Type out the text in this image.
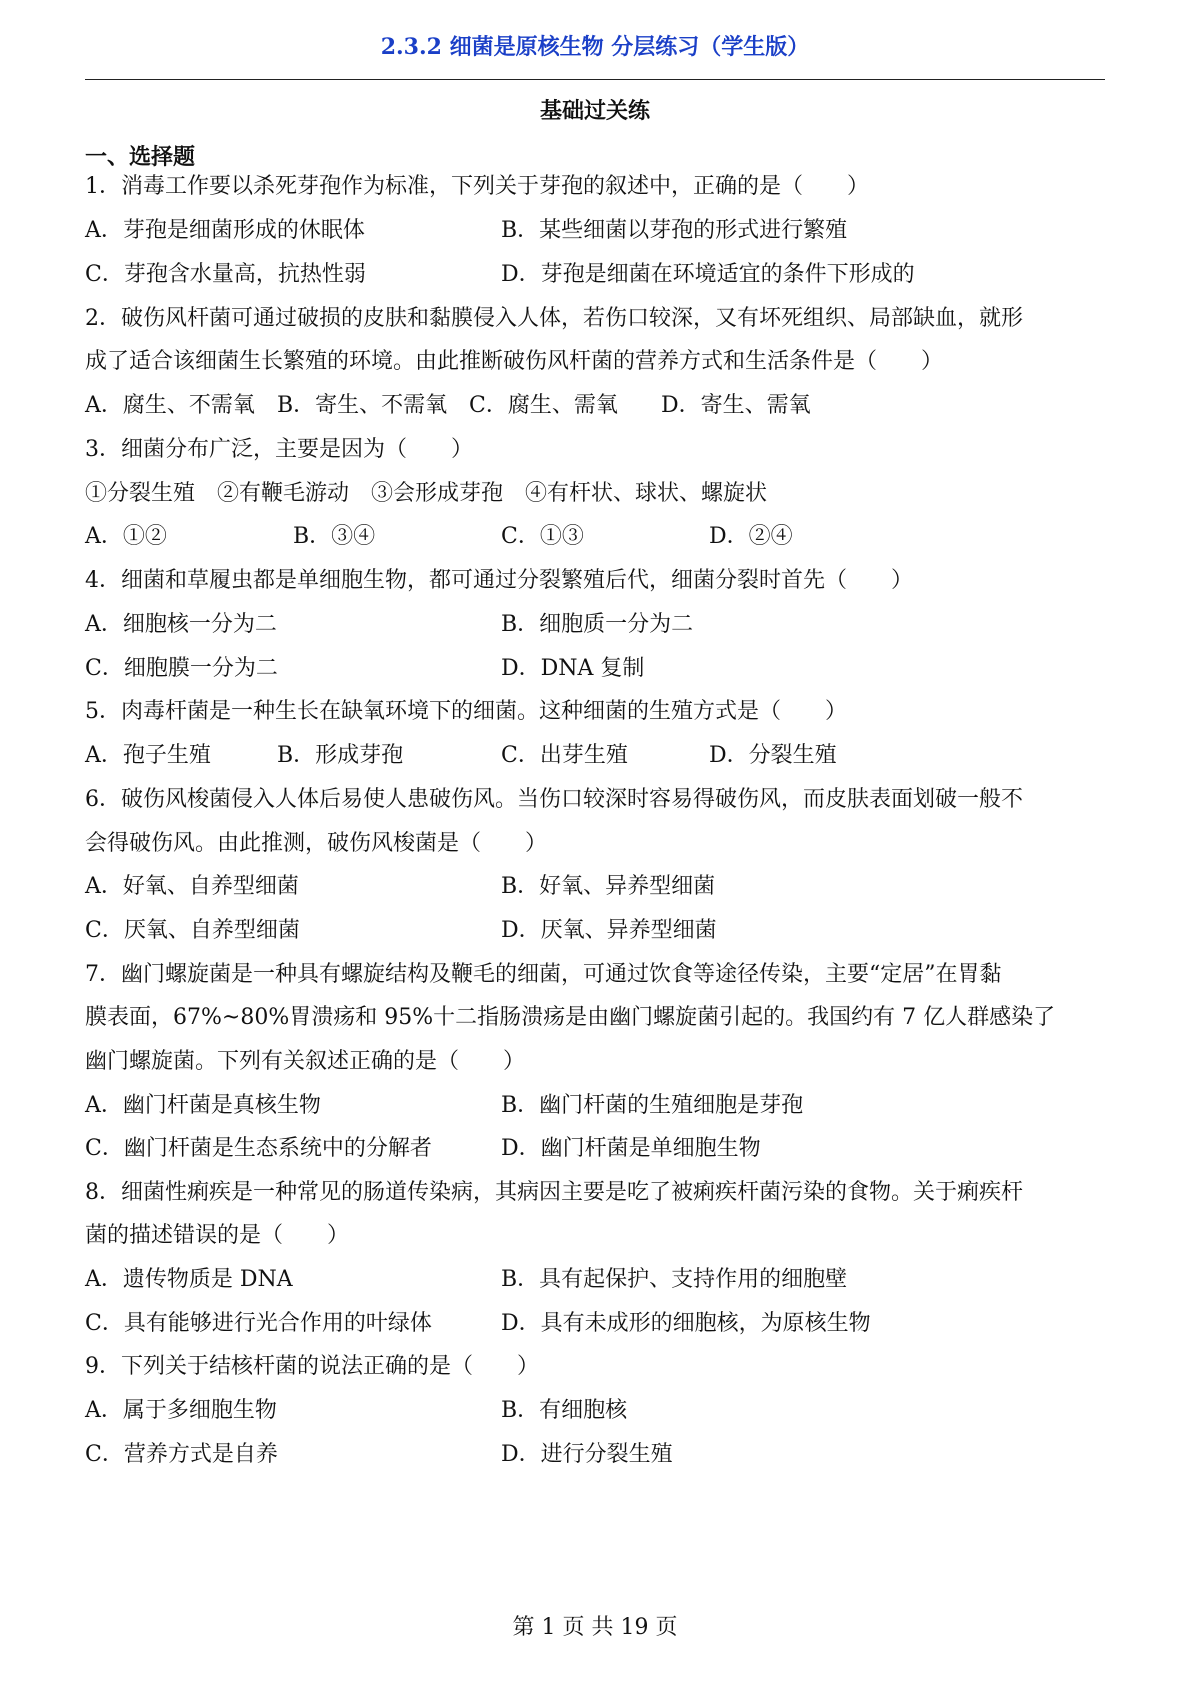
2.3.2 细菌是原核生物 分层练习（学生版）
基础过关练
一、选择题
1．消毒工作要以杀死芽孢作为标准，下列关于芽孢的叙述中，正确的是（　　）
A．芽孢是细菌形成的休眠体	B．某些细菌以芽孢的形式进行繁殖
C．芽孢含水量高，抗热性弱	D．芽孢是细菌在环境适宜的条件下形成的
2．破伤风杆菌可通过破损的皮肤和黏膜侵入人体，若伤口较深，又有坏死组织、局部缺血，就形
成了适合该细菌生长繁殖的环境。由此推断破伤风杆菌的营养方式和生活条件是（　　）
A．腐生、不需氧 B．寄生、不需氧 C．腐生、需氧 D．寄生、需氧
3．细菌分布广泛，主要是因为（　　）
①分裂生殖　②有鞭毛游动　③会形成芽孢　④有杆状、球状、螺旋状
A．①②	B．③④	C．①③	D．②④
4．细菌和草履虫都是单细胞生物，都可通过分裂繁殖后代，细菌分裂时首先（　　）
A．细胞核一分为二	B．细胞质一分为二
C．细胞膜一分为二	D．DNA 复制
5．肉毒杆菌是一种生长在缺氧环境下的细菌。这种细菌的生殖方式是（　　）
A．孢子生殖	B．形成芽孢	C．出芽生殖	D．分裂生殖
6．破伤风梭菌侵入人体后易使人患破伤风。当伤口较深时容易得破伤风，而皮肤表面划破一般不
会得破伤风。由此推测，破伤风梭菌是（　　）
A．好氧、自养型细菌	B．好氧、异养型细菌
C．厌氧、自养型细菌	D．厌氧、异养型细菌
7．幽门螺旋菌是一种具有螺旋结构及鞭毛的细菌，可通过饮食等途径传染，主要“定居”在胃黏
膜表面，67%~80%胃溃疡和 95%十二指肠溃疡是由幽门螺旋菌引起的。我国约有 7 亿人群感染了
幽门螺旋菌。下列有关叙述正确的是（　　）
A．幽门杆菌是真核生物	B．幽门杆菌的生殖细胞是芽孢
C．幽门杆菌是生态系统中的分解者	D．幽门杆菌是单细胞生物
8．细菌性痢疾是一种常见的肠道传染病，其病因主要是吃了被痢疾杆菌污染的食物。关于痢疾杆
菌的描述错误的是（　　）
A．遗传物质是 DNA	B．具有起保护、支持作用的细胞壁
C．具有能够进行光合作用的叶绿体	D．具有未成形的细胞核，为原核生物
9．下列关于结核杆菌的说法正确的是（　　）
A．属于多细胞生物	B．有细胞核
C．营养方式是自养	D．进行分裂生殖
第 1 页 共 19 页
